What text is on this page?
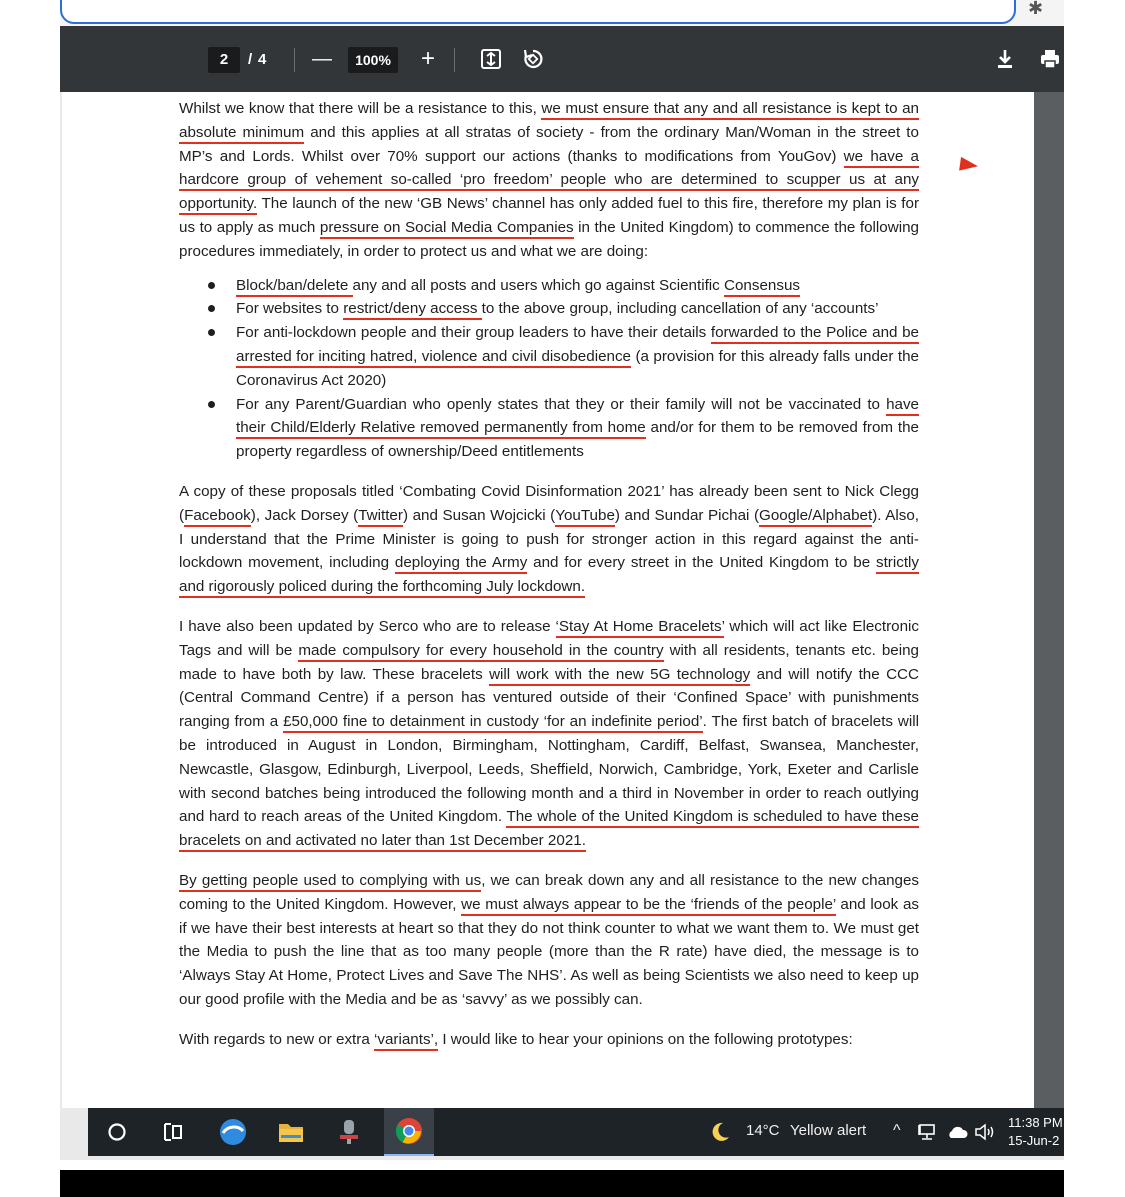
✱
2	/ 4 —	100% +

Whilst we know that there will be a resistance to this, we must ensure that any and all resistance is kept to an absolute minimum and this applies at all stratas of society - from the ordinary Man/Woman in the street to MP’s and Lords. Whilst over 70% support our actions (thanks to modifications from YouGov) we have a hardcore group of vehement so-called ‘pro freedom’ people who are determined to scupper us at any opportunity. The launch of the new ‘GB News’ channel has only added fuel to this fire, therefore my plan is for us to apply as much pressure on Social Media Companies in the United Kingdom) to commence the following procedures immediately, in order to protect us and what we are doing:

Block/ban/delete any and all posts and users which go against Scientific Consensus
For websites to restrict/deny access to the above group, including cancellation of any ‘accounts’
For anti-lockdown people and their group leaders to have their details forwarded to the Police and be arrested for inciting hatred, violence and civil disobedience (a provision for this already falls under the Coronavirus Act 2020)
For any Parent/Guardian who openly states that they or their family will not be vaccinated to have their Child/Elderly Relative removed permanently from home and/or for them to be removed from the property regardless of ownership/Deed entitlements

A copy of these proposals titled ‘Combating Covid Disinformation 2021’ has already been sent to Nick Clegg (Facebook), Jack Dorsey (Twitter) and Susan Wojcicki (YouTube) and Sundar Pichai (Google/Alphabet). Also, I understand that the Prime Minister is going to push for stronger action in this regard against the anti-lockdown movement, including deploying the Army and for every street in the United Kingdom to be strictly and rigorously policed during the forthcoming July lockdown.

I have also been updated by Serco who are to release ‘Stay At Home Bracelets’ which will act like Electronic Tags and will be made compulsory for every household in the country with all residents, tenants etc. being made to have both by law. These bracelets will work with the new 5G technology and will notify the CCC (Central Command Centre) if a person has ventured outside of their ‘Confined Space’ with punishments ranging from a £50,000 fine to detainment in custody ‘for an indefinite period’. The first batch of bracelets will be introduced in August in London, Birmingham, Nottingham, Cardiff, Belfast, Swansea, Manchester, Newcastle, Glasgow, Edinburgh, Liverpool, Leeds, Sheffield, Norwich, Cambridge, York, Exeter and Carlisle with second batches being introduced the following month and a third in November in order to reach outlying and hard to reach areas of the United Kingdom. The whole of the United Kingdom is scheduled to have these bracelets on and activated no later than 1st December 2021.

By getting people used to complying with us, we can break down any and all resistance to the new changes coming to the United Kingdom. However, we must always appear to be the ‘friends of the people’ and look as if we have their best interests at heart so that they do not think counter to what we want them to. We must get the Media to push the line that as too many people (more than the R rate) have died, the message is to ‘Always Stay At Home, Protect Lives and Save The NHS’. As well as being Scientists we also need to keep up our good profile with the Media and be as ‘savvy’ as we possibly can.

With regards to new or extra ‘variants’, I would like to hear your opinions on the following prototypes:

14°C Yellow alert ^	11:38 PM
15-Jun-2
